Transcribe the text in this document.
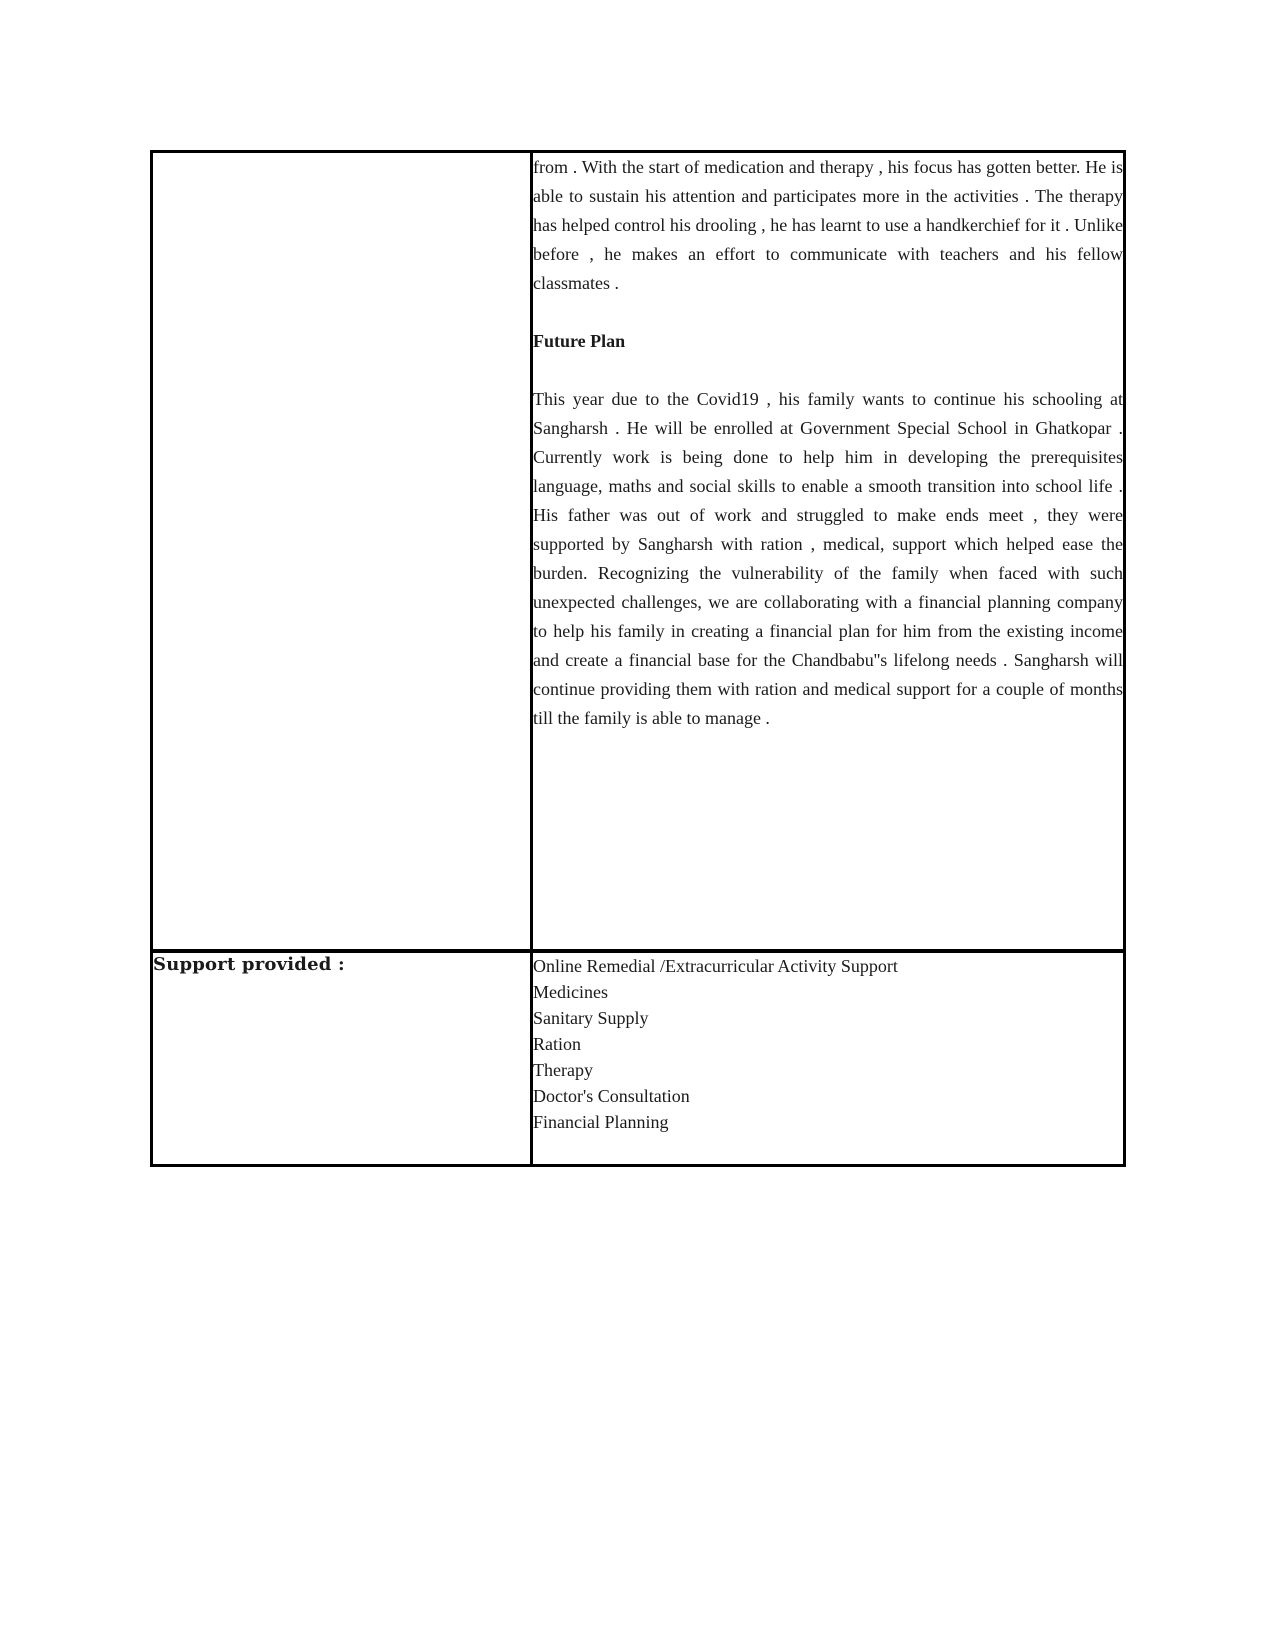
	from . With the start of medication and therapy , his focus has gotten better. He is able to sustain his attention and participates more in the activities . The therapy has helped control his drooling , he has learnt to use a handkerchief for it . Unlike before , he makes an effort to communicate with teachers and his fellow classmates .

Future Plan

This year due to the Covid19 , his family wants to continue his schooling at Sangharsh . He will be enrolled at Government Special School in Ghatkopar . Currently work is being done to help him in developing the prerequisites language, maths and social skills to enable a smooth transition into school life . His father was out of work and struggled to make ends meet , they were supported by Sangharsh with ration , medical, support which helped ease the burden. Recognizing the vulnerability of the family when faced with such unexpected challenges, we are collaborating with a financial planning company to help his family in creating a financial plan for him from the existing income and create a financial base for the Chandbabu''s lifelong needs . Sangharsh will continue providing them with ration and medical support for a couple of months till the family is able to manage .

Support provided :	Online Remedial /Extracurricular Activity Support
Medicines
Sanitary Supply
Ration
Therapy
Doctor's Consultation
Financial Planning
